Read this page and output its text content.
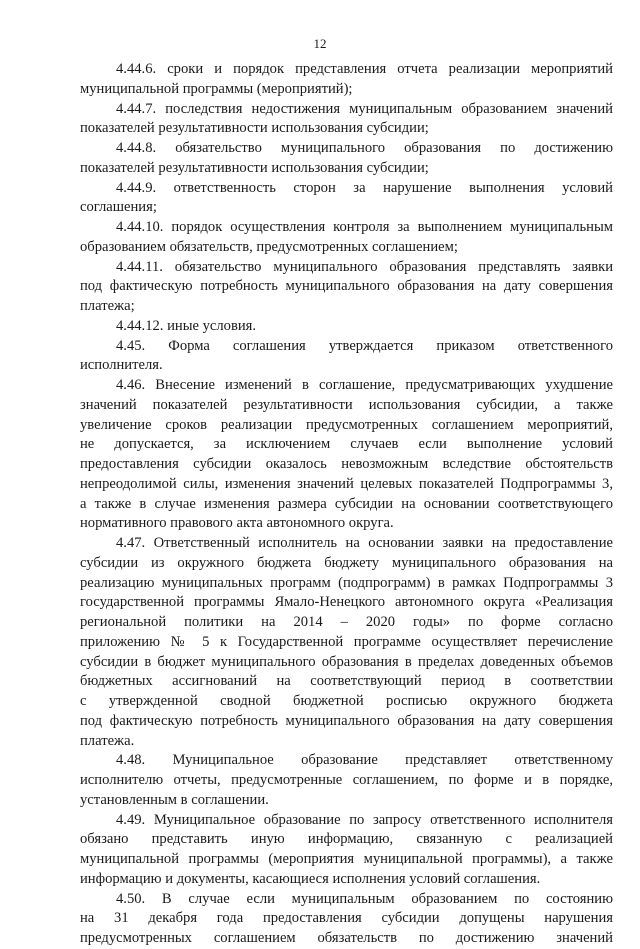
12
4.44.6. сроки и порядок представления отчета реализации мероприятий
муниципальной программы (мероприятий);
4.44.7. последствия недостижения муниципальным образованием значений
показателей результативности использования субсидии;
4.44.8. обязательство муниципального образования по достижению
показателей результативности использования субсидии;
4.44.9. ответственность сторон за нарушение выполнения условий
соглашения;
4.44.10. порядок осуществления контроля за выполнением муниципальным
образованием обязательств, предусмотренных соглашением;
4.44.11. обязательство муниципального образования представлять заявки
под фактическую потребность муниципального образования на дату совершения
платежа;
4.44.12. иные условия.
4.45. Форма соглашения утверждается приказом ответственного
исполнителя.
4.46. Внесение изменений в соглашение, предусматривающих ухудшение
значений показателей результативности использования субсидии, а также
увеличение сроков реализации предусмотренных соглашением мероприятий,
не допускается, за исключением случаев если выполнение условий
предоставления субсидии оказалось невозможным вследствие обстоятельств
непреодолимой силы, изменения значений целевых показателей Подпрограммы 3,
а также в случае изменения размера субсидии на основании соответствующего
нормативного правового акта автономного округа.
4.47. Ответственный исполнитель на основании заявки на предоставление
субсидии из окружного бюджета бюджету муниципального образования на
реализацию муниципальных программ (подпрограмм) в рамках Подпрограммы 3
государственной программы Ямало-Ненецкого автономного округа «Реализация
региональной политики на 2014 – 2020 годы» по форме согласно
приложению № 5 к Государственной программе осуществляет перечисление
субсидии в бюджет муниципального образования в пределах доведенных объемов
бюджетных ассигнований на соответствующий период в соответствии
с утвержденной сводной бюджетной росписью окружного бюджета
под фактическую потребность муниципального образования на дату совершения
платежа.
4.48. Муниципальное образование представляет ответственному
исполнителю отчеты, предусмотренные соглашением, по форме и в порядке,
установленным в соглашении.
4.49. Муниципальное образование по запросу ответственного исполнителя
обязано представить иную информацию, связанную с реализацией
муниципальной программы (мероприятия муниципальной программы), а также
информацию и документы, касающиеся исполнения условий соглашения.
4.50. В случае если муниципальным образованием по состоянию
на 31 декабря года предоставления субсидии допущены нарушения
предусмотренных соглашением обязательств по достижению значений
